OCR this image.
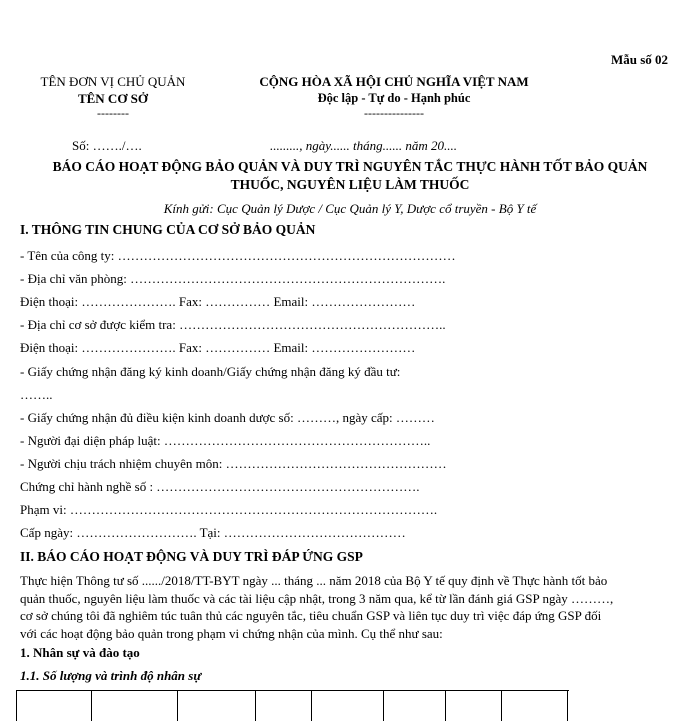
Mẫu số 02
TÊN ĐƠN VỊ CHỦ QUẢN
TÊN CƠ SỞ
--------
CỘNG HÒA XÃ HỘI CHỦ NGHĨA VIỆT NAM
Độc lập - Tự do - Hạnh phúc
---------------
Số: ……./….	........., ngày...... tháng...... năm 20....
BÁO CÁO HOẠT ĐỘNG BẢO QUẢN VÀ DUY TRÌ NGUYÊN TẮC THỰC HÀNH TỐT BẢO QUẢN
THUỐC, NGUYÊN LIỆU LÀM THUỐC
Kính gửi: Cục Quản lý Dược / Cục Quản lý Y, Dược cổ truyền - Bộ Y tế
I. THÔNG TIN CHUNG CỦA CƠ SỞ BẢO QUẢN
- Tên của công ty: ……………………………………………………………………
- Địa chỉ văn phòng: ……………………………………………………………….
Điện thoại: …………………. Fax: …………… Email: ……………………
- Địa chỉ cơ sở được kiểm tra: ……………………………………………………..
Điện thoại: …………………. Fax: …………… Email: ……………………
- Giấy chứng nhận đăng ký kinh doanh/Giấy chứng nhận đăng ký đầu tư:
……..
- Giấy chứng nhận đủ điều kiện kinh doanh dược số: ………, ngày cấp: ………
- Người đại diện pháp luật: ……………………………………………………..
- Người chịu trách nhiệm chuyên môn: ……………………………………………
Chứng chỉ hành nghề số : …………………………………………………….
Phạm vi: ………………………………………………………………………….
Cấp ngày: ………………………. Tại: ……………………………………
II. BÁO CÁO HOẠT ĐỘNG VÀ DUY TRÌ ĐÁP ỨNG GSP
Thực hiện Thông tư số ....../2018/TT-BYT ngày ... tháng ... năm 2018 của Bộ Y tế quy định về Thực hành tốt bảo
quản thuốc, nguyên liệu làm thuốc và các tài liệu cập nhật, trong 3 năm qua, kể từ lần đánh giá GSP ngày ………,
cơ sở chúng tôi đã nghiêm túc tuân thủ các nguyên tắc, tiêu chuẩn GSP và liên tục duy trì việc đáp ứng GSP đối
với các hoạt động bảo quản trong phạm vi chứng nhận của mình. Cụ thể như sau:
1. Nhân sự và đào tạo
1.1. Số lượng và trình độ nhân sự
